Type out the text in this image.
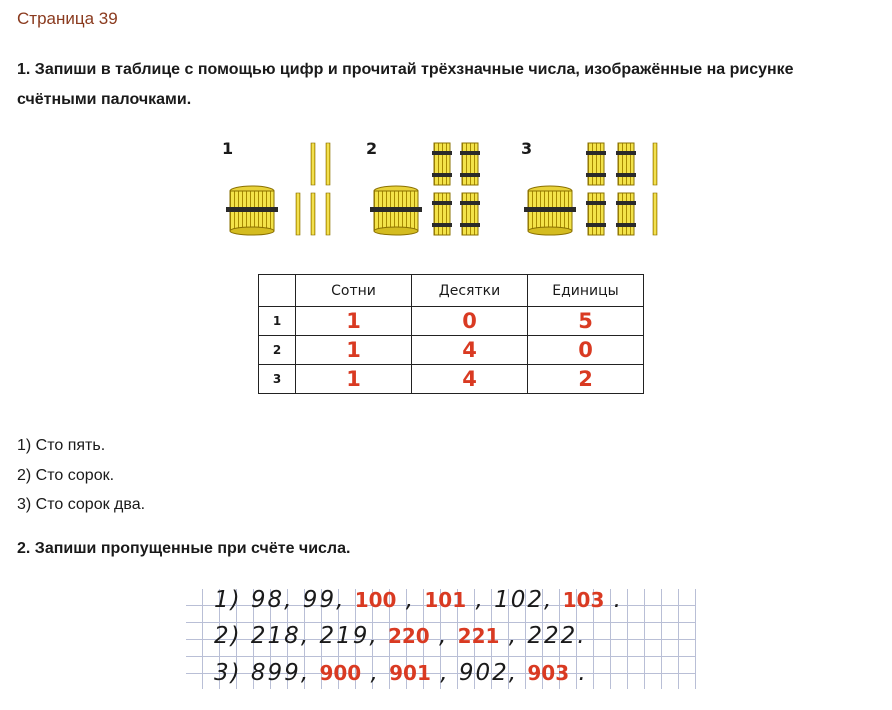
Страница 39
1. Запиши в таблице с помощью цифр и прочитай трёхзначные числа, изображённые на рисунке счётными палочками.
1	2	3
	Сотни	Десятки	Единицы
1	1	0	5
2	1	4	0
3	1	4	2
1) Сто пять.
2) Сто сорок.
3) Сто сорок два.
2. Запиши пропущенные при счёте числа.
1) 98, 99, 100 , 101 , 102, 103 .
2) 218, 219, 220 , 221 , 222.
3) 899, 900 , 901 , 902, 903 .
